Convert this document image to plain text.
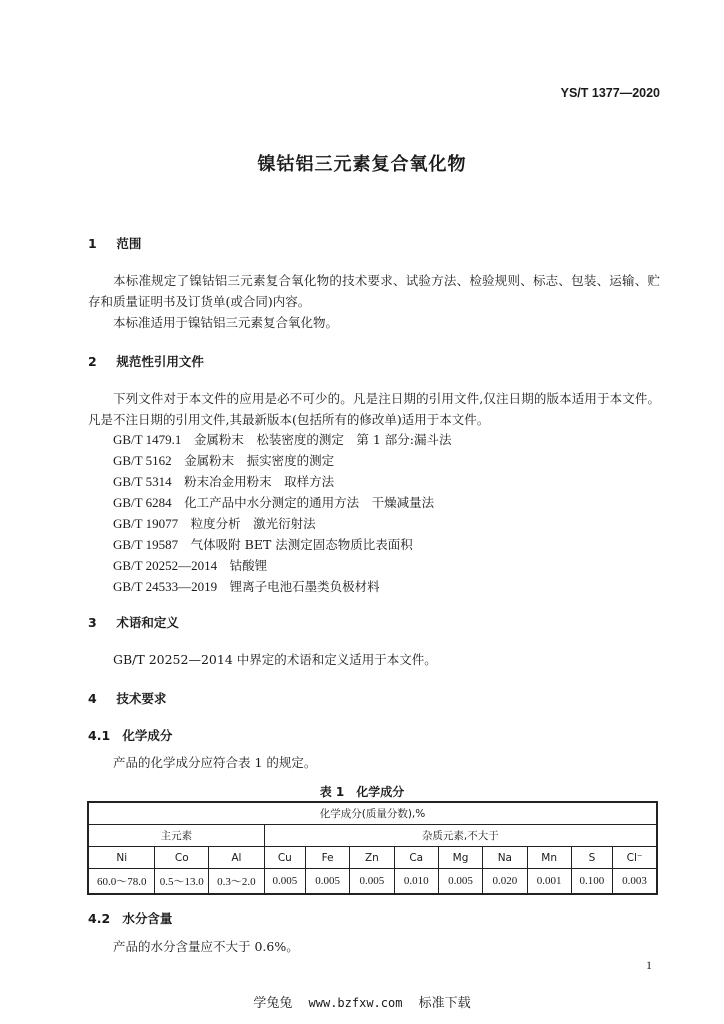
YS/T 1377—2020
镍钴铝三元素复合氧化物
1 范围
本标准规定了镍钴铝三元素复合氧化物的技术要求、试验方法、检验规则、标志、包装、运输、贮存和质量证明书及订货单(或合同)内容。
本标准适用于镍钴铝三元素复合氧化物。
2 规范性引用文件
下列文件对于本文件的应用是必不可少的。凡是注日期的引用文件,仅注日期的版本适用于本文件。凡是不注日期的引用文件,其最新版本(包括所有的修改单)适用于本文件。
GB/T 1479.1　 金属粉末　松装密度的测定　第 1 部分:漏斗法
GB/T 5162　 金属粉末　振实密度的测定
GB/T 5314　 粉末冶金用粉末　取样方法
GB/T 6284　 化工产品中水分测定的通用方法　干燥减量法
GB/T 19077　 粒度分析　激光衍射法
GB/T 19587　 气体吸附 BET 法测定固态物质比表面积
GB/T 20252—2014　 钴酸锂
GB/T 24533—2019　 锂离子电池石墨类负极材料
3 术语和定义
GB/T 20252—2014 中界定的术语和定义适用于本文件。
4 技术要求
4.1 化学成分
产品的化学成分应符合表 1 的规定。
表 1　化学成分
化学成分(质量分数),%											
主元素			杂质元素,不大于								
Ni	Co	Al	Cu	Fe	Zn	Ca	Mg	Na	Mn	S	Cl⁻
60.0～78.0	0.5～13.0	0.3～2.0	0.005	0.005	0.005	0.010	0.005	0.020	0.001	0.100	0.003
4.2 水分含量
产品的水分含量应不大于 0.6%。
1
学兔兔 www.bzfxw.com 标准下载
